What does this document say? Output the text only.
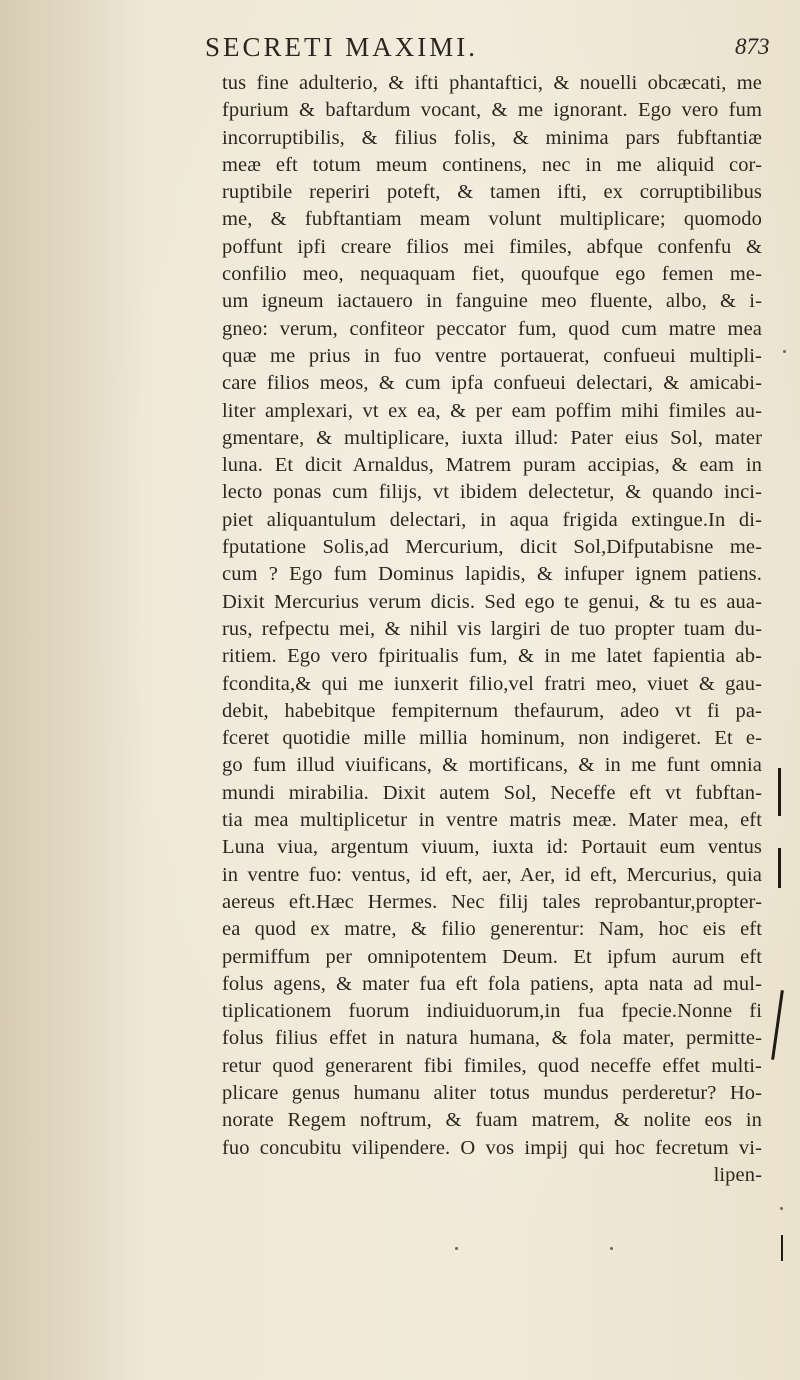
SECRETI MAXIMI.	873
tus fine adulterio, & ifti phantaftici, & nouelli obcæcati, me
fpurium & baftardum vocant, & me ignorant. Ego vero fum
incorruptibilis, & filius folis, & minima pars fubftantiæ
meæ eft totum meum continens, nec in me aliquid cor-
ruptibile reperiri poteft, & tamen ifti, ex corruptibilibus
me, & fubftantiam meam volunt multiplicare; quomodo
poffunt ipfi creare filios mei fimiles, abfque confenfu &
confilio meo, nequaquam fiet, quoufque ego femen me-
um igneum iactauero in fanguine meo fluente, albo, & i-
gneo: verum, confiteor peccator fum, quod cum matre mea
quæ me prius in fuo ventre portauerat, confueui multipli-
care filios meos, & cum ipfa confueui delectari, & amicabi-
liter amplexari, vt ex ea, & per eam poffim mihi fimiles au-
gmentare, & multiplicare, iuxta illud: Pater eius Sol, mater
luna. Et dicit Arnaldus, Matrem puram accipias, & eam in
lecto ponas cum filijs, vt ibidem delectetur, & quando inci-
piet aliquantulum delectari, in aqua frigida extingue.In di-
fputatione Solis,ad Mercurium, dicit Sol,Difputabisne me-
cum ? Ego fum Dominus lapidis, & infuper ignem patiens.
Dixit Mercurius verum dicis. Sed ego te genui, & tu es aua-
rus, refpectu mei, & nihil vis largiri de tuo propter tuam du-
ritiem. Ego vero fpiritualis fum, & in me latet fapientia ab-
fcondita,& qui me iunxerit filio,vel fratri meo, viuet & gau-
debit, habebitque fempiternum thefaurum, adeo vt fi pa-
fceret quotidie mille millia hominum, non indigeret. Et e-
go fum illud viuificans, & mortificans, & in me funt omnia
mundi mirabilia. Dixit autem Sol, Neceffe eft vt fubftan-
tia mea multiplicetur in ventre matris meæ. Mater mea, eft
Luna viua, argentum viuum, iuxta id: Portauit eum ventus
in ventre fuo: ventus, id eft, aer, Aer, id eft, Mercurius, quia
aereus eft.Hæc Hermes. Nec filij tales reprobantur,propter-
ea quod ex matre, & filio generentur: Nam, hoc eis eft
permiffum per omnipotentem Deum. Et ipfum aurum eft
folus agens, & mater fua eft fola patiens, apta nata ad mul-
tiplicationem fuorum indiuiduorum,in fua fpecie.Nonne fi
folus filius effet in natura humana, & fola mater, permitte-
retur quod generarent fibi fimiles, quod neceffe effet multi-
plicare genus humanu aliter totus mundus perderetur? Ho-
norate Regem noftrum, & fuam matrem, & nolite eos in
fuo concubitu vilipendere. O vos impij qui hoc fecretum vi-
lipen-
